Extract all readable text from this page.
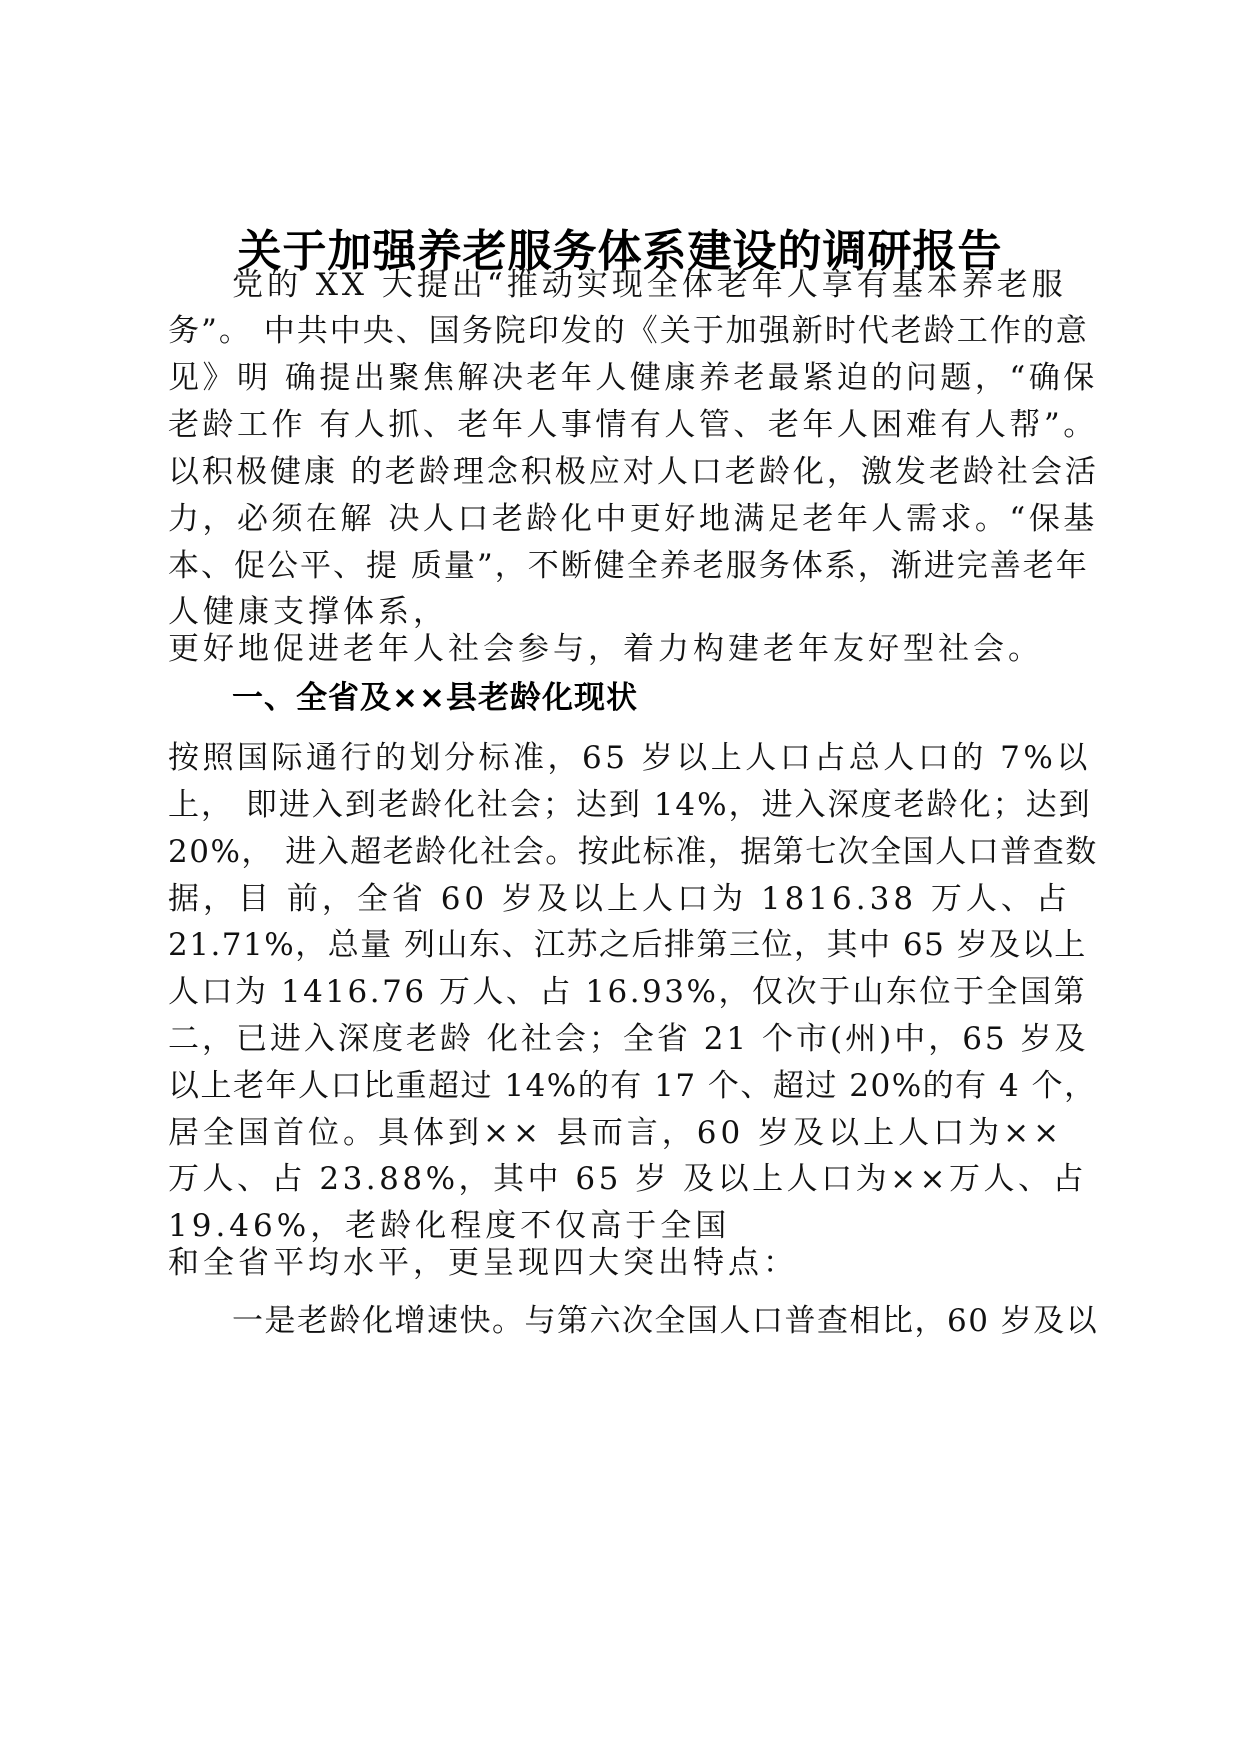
关于加强养老服务体系建设的调研报告
党的 XX 大提出“推动实现全体老年人享有基本养老服
务”。 中共中央、国务院印发的《关于加强新时代老龄工作的意
见》明 确提出聚焦解决老年人健康养老最紧迫的问题，“确保
老龄工作 有人抓、老年人事情有人管、老年人困难有人帮”。
以积极健康 的老龄理念积极应对人口老龄化，激发老龄社会活
力，必须在解 决人口老龄化中更好地满足老年人需求。“保基
本、促公平、提 质量”，不断健全养老服务体系，渐进完善老年
人健康支撑体系，
更好地促进老年人社会参与，着力构建老年友好型社会。
一、全省及××县老龄化现状
按照国际通行的划分标准，65 岁以上人口占总人口的 7%以
上， 即进入到老龄化社会；达到 14%，进入深度老龄化；达到
20%， 进入超老龄化社会。按此标准，据第七次全国人口普查数
据，目 前，全省 60 岁及以上人口为 1816.38 万人、占
21.71%，总量 列山东、江苏之后排第三位，其中 65 岁及以上
人口为 1416.76 万人、占 16.93%，仅次于山东位于全国第
二，已进入深度老龄 化社会；全省 21 个市(州)中，65 岁及
以上老年人口比重超过 14%的有 17 个、超过 20%的有 4 个，
居全国首位。具体到×× 县而言，60 岁及以上人口为××
万人、占 23.88%，其中 65 岁 及以上人口为××万人、占
19.46%，老龄化程度不仅高于全国
和全省平均水平，更呈现四大突出特点：
一是老龄化增速快。与第六次全国人口普查相比，60 岁及以
